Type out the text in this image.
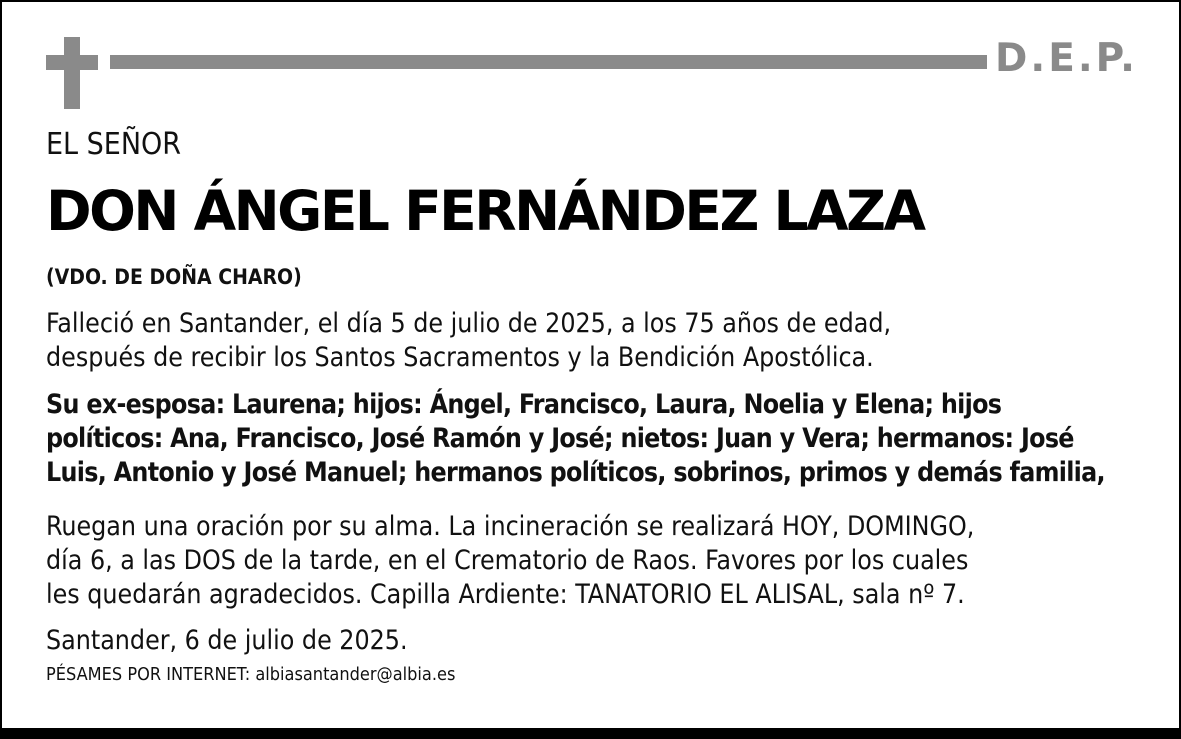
D.E.P.

EL SEÑOR

DON ÁNGEL FERNÁNDEZ LAZA

(VDO. DE DOÑA CHARO)

Falleció en Santander, el día 5 de julio de 2025, a los 75 años de edad,
después de recibir los Santos Sacramentos y la Bendición Apostólica.

Su ex-esposa: Laurena; hijos: Ángel, Francisco, Laura, Noelia y Elena; hijos
políticos: Ana, Francisco, José Ramón y José; nietos: Juan y Vera; hermanos: José
Luis, Antonio y José Manuel; hermanos políticos, sobrinos, primos y demás familia,

Ruegan una oración por su alma. La incineración se realizará HOY, DOMINGO,
día 6, a las DOS de la tarde, en el Crematorio de Raos. Favores por los cuales
les quedarán agradecidos. Capilla Ardiente: TANATORIO EL ALISAL, sala nº 7.

Santander, 6 de julio de 2025.

PÉSAMES POR INTERNET: albiasantander@albia.es
